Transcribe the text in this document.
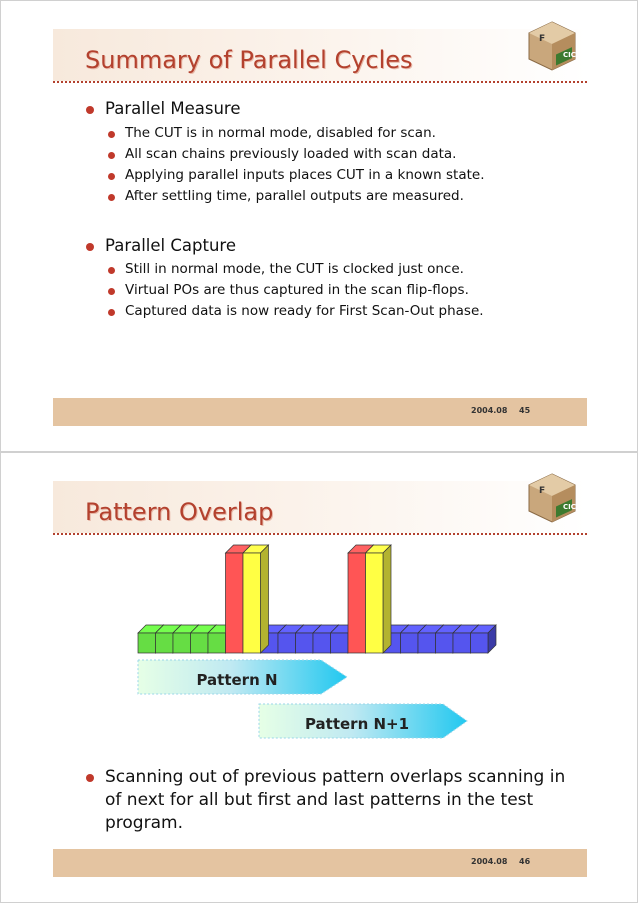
Summary of Parallel Cycles	CIC
F
Parallel Measure
The CUT is in normal mode, disabled for scan.
All scan chains previously loaded with scan data.
Applying parallel inputs places CUT in a known state.
After settling time, parallel outputs are measured.
Parallel Capture
Still in normal mode, the CUT is clocked just once.
Virtual POs are thus captured in the scan flip-flops.
Captured data is now ready for First Scan-Out phase.
2004.08 45
Pattern Overlap	CIC
F
Pattern N
Pattern N+1
Scanning out of previous pattern overlaps scanning in of next for all but first and last patterns in the test program.
2004.08 46
